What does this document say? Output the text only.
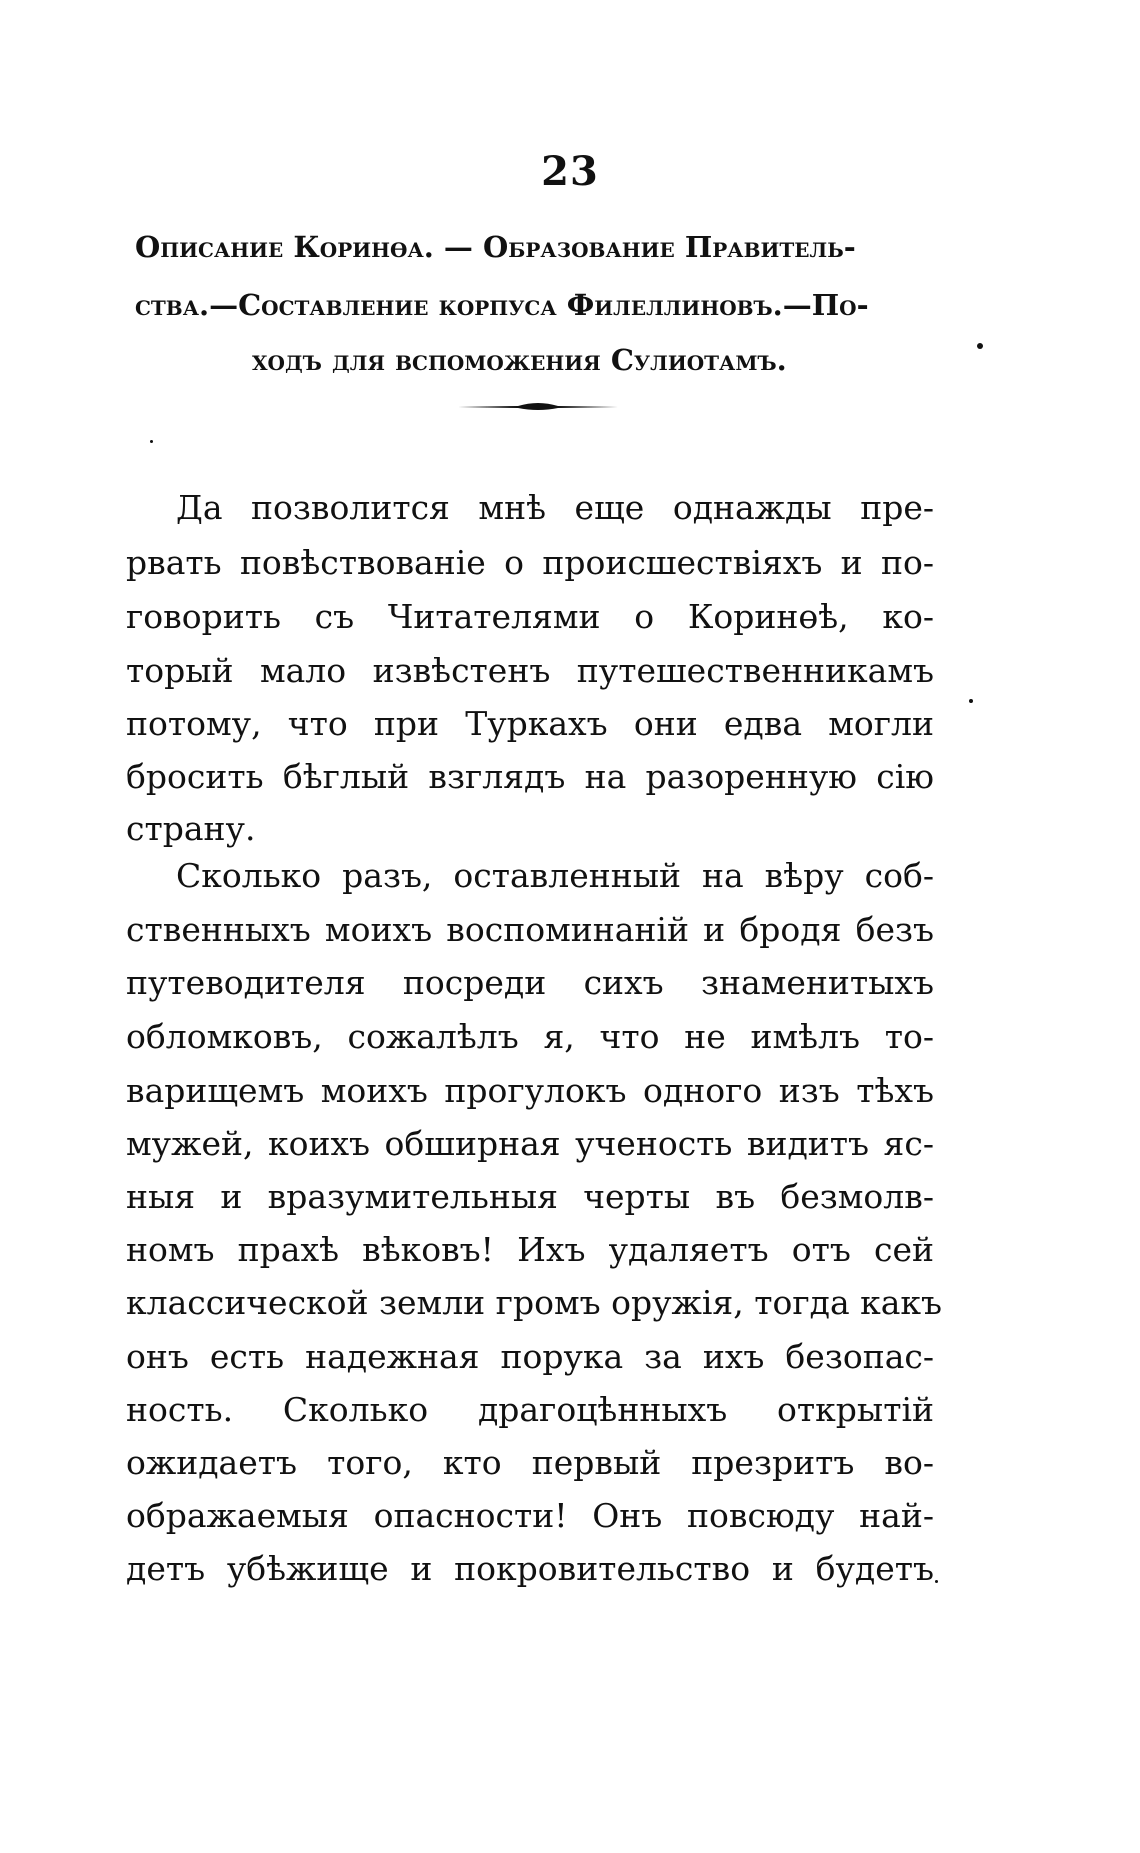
23
Описание Коринөа. — Образование Правитель-
ства.—Составление корпуса Филеллиновъ.—По-
ходъ для вспоможения Сулиотамъ.
Да позволится мнѣ еще однажды пре-
рвать повѣствованіе о происшествіяхъ и по-
говорить съ Читателями о Коринөѣ, ко-
торый мало извѣстенъ путешественникамъ
потому, что при Туркахъ они едва могли
бросить бѣглый взглядъ на разоренную сію
страну.
Сколько разъ, оставленный на вѣру соб-
ственныхъ моихъ воспоминаній и бродя безъ
путеводителя посреди сихъ знаменитыхъ
обломковъ, сожалѣлъ я, что не имѣлъ то-
варищемъ моихъ прогулокъ одного изъ тѣхъ
мужей, коихъ обширная ученость видитъ яс-
ныя и вразумительныя черты въ безмолв-
номъ прахѣ вѣковъ! Ихъ удаляетъ отъ сей
классической земли громъ оружія, тогда какъ
онъ есть надежная порука за ихъ безопас-
ность. Сколько драгоцѣнныхъ открытій
ожидаетъ того, кто первый презритъ во-
ображаемыя опасности! Онъ повсюду най-
детъ убѣжище и покровительство и будетъ
